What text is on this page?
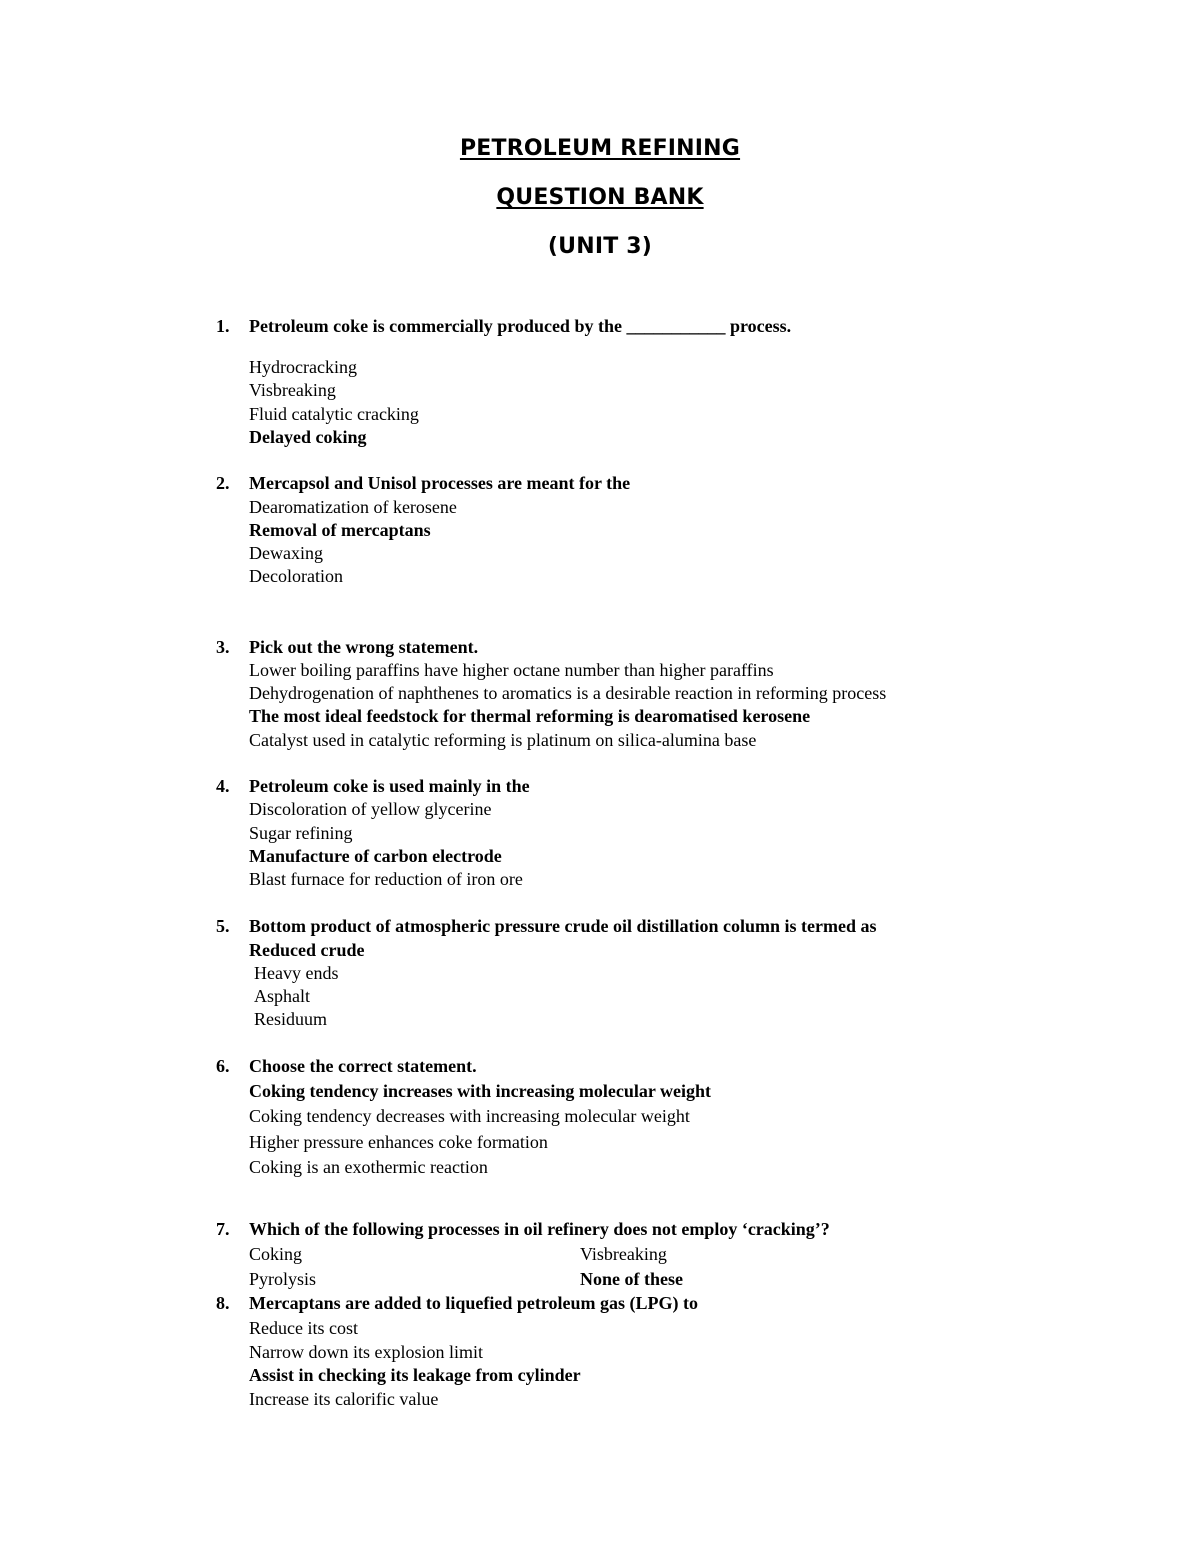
PETROLEUM REFINING
QUESTION BANK
(UNIT 3)
1. Petroleum coke is commercially produced by the ___________ process.
Hydrocracking
Visbreaking
Fluid catalytic cracking
Delayed coking
2. Mercapsol and Unisol processes are meant for the
Dearomatization of kerosene
Removal of mercaptans
Dewaxing
Decoloration
3. Pick out the wrong statement.
Lower boiling paraffins have higher octane number than higher paraffins
Dehydrogenation of naphthenes to aromatics is a desirable reaction in reforming process
The most ideal feedstock for thermal reforming is dearomatised kerosene
Catalyst used in catalytic reforming is platinum on silica-alumina base
4. Petroleum coke is used mainly in the
Discoloration of yellow glycerine
Sugar refining
Manufacture of carbon electrode
Blast furnace for reduction of iron ore
5. Bottom product of atmospheric pressure crude oil distillation column is termed as
Reduced crude
Heavy ends
Asphalt
Residuum
6. Choose the correct statement.
Coking tendency increases with increasing molecular weight
Coking tendency decreases with increasing molecular weight
Higher pressure enhances coke formation
Coking is an exothermic reaction
7. Which of the following processes in oil refinery does not employ ‘cracking’?
Coking	Visbreaking
Pyrolysis	None of these
8. Mercaptans are added to liquefied petroleum gas (LPG) to
Reduce its cost
Narrow down its explosion limit
Assist in checking its leakage from cylinder
Increase its calorific value
